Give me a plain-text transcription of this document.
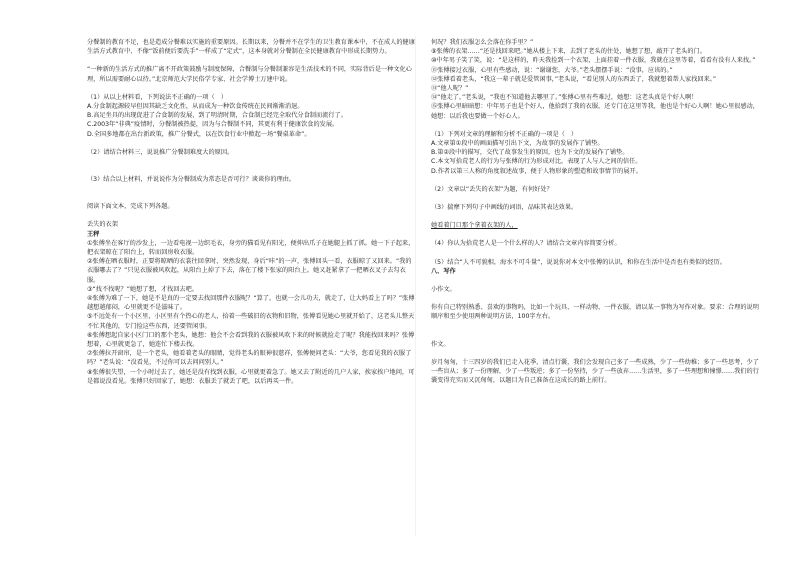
分餐制的教育不足，也是造成分餐难以实施的重要原因。长期以来，分餐并不在学生的卫生教育课本中，不在成人的健康生活方式教育中，不像“饭前便后要洗手”一样成了“定式”，这本身就对分餐制在全民健康教育中形成长期势力。

“一种新的生活方式的推广离不开政策鼓励与制度保障，合餐制与分餐制兼容是生活技术的不同，实际背后是一种文化心理，所以需要耐心以待。”北京师范大学民俗学专家、社会学博士万建中说。

（1）从以上材料看，下列说法不正确的一项（　）

A.分食制起源较早但因其缺乏文化性，从而成为一种饮食传统在民间渐渐消退。

B.高足坐具的出现促进了合食制的发展，到了明清时期，合食制已经完全取代分食制而流行了。

C.2003年“非典”疫情时，分餐制被热提，因为与合餐制不同，其更有利于健康饮食的发展。

D.全国多地都在出台新政策，推广分餐式，以在饮食行业中掀起一场“餐桌革命”。

（2）请结合材料三，说说推广分餐制难度大的原因。

（3）结合以上材料，并说说作为分餐制成为常态是否可行？谈谈你的理由。

阅读下面文本，完成下列各题。

丢失的衣架

王秤

①张傅坐在客厅的沙发上，一边看电视一边织毛衣，身旁的猫看见有阳光，便伸出爪子在她腿上抓了抓。她一下子起来，把衣架晾在了阳台上，转而回房收衣服。

②张傅在晒衣服时，正要将晾晒的衣裳往回拿时，突然发现，身后“咔”的一声，张傅回头一看，衣服晾了又回来。“我的衣服哪去了？”只见衣服被风吹起，从阳台上掉了下去，落在了楼下张家的阳台上。她又赶紧拿了一把晒衣叉子去勾衣服。

③“找不找呢？”她想了想，才找回去吧。

④张傅为难了一下，她是不是真的一定要去找回那件衣服呢？“算了，也就一会儿功夫，就走了，让大妈看上了吗？”张傅越想越郁闷，心里就更不是滋味了。

⑤不远处有一个小区里，小区里有个热心的老人，拾着一些破旧的衣物和旧物，张傅看见她心里就开始了，这老头儿整天不忙其他的，专门捡这些东西，还要管闲事。

⑥张傅想起自家小区门口的那个老头，她想：他会不会看到我的衣服被风吹下来的时候就捡走了呢？我能找回来吗？张傅想着，心里就更急了，她连忙下楼去找。

⑦张傅拉开窗帘，是一个老头，她看着老头的眼睛，觉得老头的眼神很慈祥，张傅便问老头：“大爷，您看见我的衣服了吗？”老头说：“没看见，不过你可以去问问别人。”

⑧张傅很失望，一个小时过去了，她还是没有找到衣服，心里就更着急了。她又去了附近的几户人家，挨家挨户地问，可是都说没看见。张傅只好回家了，她想：衣服丢了就丢了吧，以后再买一件。

何况？我们衣服怎么会落在你手里？”

⑨张傅的衣架……“还是找回来吧。”她从楼上下来，去到了老头的住处，她想了想，敲开了老头的门。

⑩中年男子笑了笑，说：“是这样的，昨天我捡到一个衣架，上面挂着一件衣服，我就在这里等着，看看有没有人来找。”

⑪张傅接过衣服，心里有些感动，说：“谢谢您，大爷。”老头摆摆手说：“没事，应该的。”

⑫张傅看着老头，“我这一辈子就是爱管闲事，”老头说，“看见别人的东西丢了，我就想着帮人家找回来。”

⑬“他人呢？”

⑭“他走了，”老头说，“我也不知道他去哪里了。”张傅心里有些难过，她想：这老头真是个好人啊！

⑮张傅心里暗暗想：中年男子也是个好人，他拾到了我的衣服，还专门在这里等我，他也是个好心人啊！她心里很感动，她想：以后我也要做一个好心人。

（1）下列对文章的理解和分析不正确的一项是（　）

A.文章第①段中的画面描写引出下文，为故事的发展作了铺垫。

B.第②段中的描写，交代了故事发生的原因，也为下文的发展作了铺垫。

C.本文写拾荒老人的行为与张傅的行为形成对比，表现了人与人之间的信任。

D.作者以第三人称的角度叙述故事，便于人物形象的塑造和故事情节的展开。

（2）文章以“丢失的衣架”为题，有何好处？

（3）揣摩下列句子中画线的词语，品味其表达效果。

她看着门口那个拿着衣架的人，

（4）你认为拾荒老人是一个什么样的人？请结合文章内容简要分析。

（5）结合“人不可貌相，海水不可斗量”，说说你对本文中张傅的认识，和你在生活中是否也有类似的经历。

八、写作

小作文。

你有自己特别熟悉、喜欢的事物吗，比如一个玩具、一样动物、一件衣服，请以某一事物为写作对象。要求：合理的说明顺序和至少使用两种说明方法，100字左右。

作文。

岁月匆匆，十三四岁的我们已走入花季，清点行囊，我们会发现自己多了一些成熟，少了一些幼稚；多了一些思考，少了一些盲从；多了一份理解，少了一些叛逆；多了一份坚持，少了一些放弃……生活里，多了一些理想和憧憬……我们的行囊变得充实而又沉甸甸，以题目为自己准备在这成长的路上前行。
